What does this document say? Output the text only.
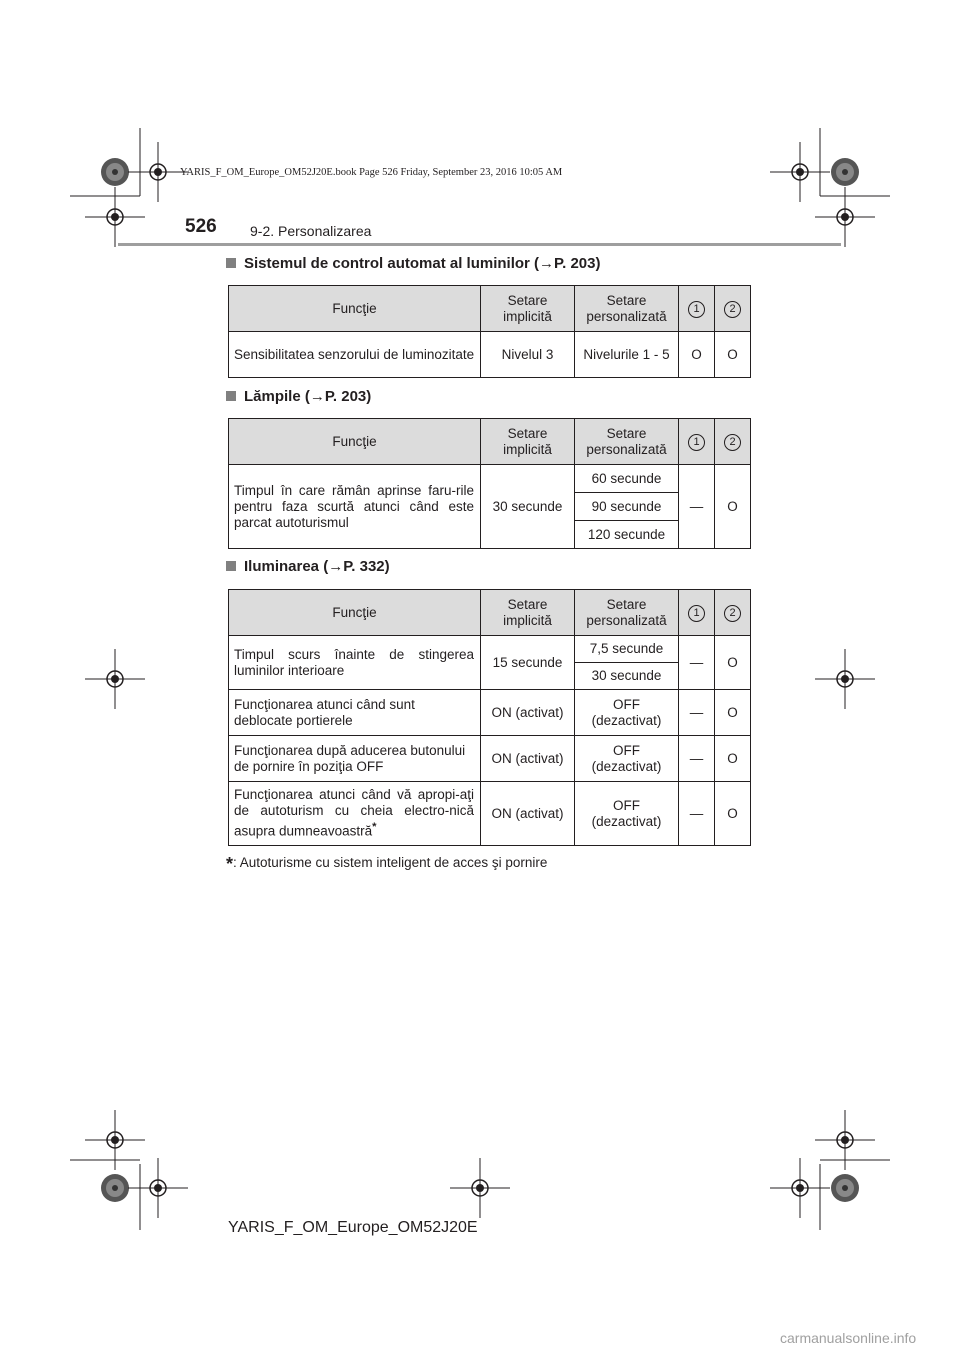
YARIS_F_OM_Europe_OM52J20E.book Page 526 Friday, September 23, 2016 10:05 AM
526 9-2. Personalizarea
Sistemul de control automat al luminilor (→P. 203)
Funcţie	Setare implicită	Setare personalizată	1	2
Sensibilitatea senzorului de luminozitate	Nivelul 3	Nivelurile 1 - 5	O	O
Lămpile (→P. 203)
Funcţie	Setare implicită	Setare personalizată	1	2
Timpul în care rămân aprinse faru-rile pentru faza scurtă atunci când este parcat autoturismul	30 secunde	60 secunde	—	O
		90 secunde		
		120 secunde		
Iluminarea (→P. 332)
Funcţie	Setare implicită	Setare personalizată	1	2
Timpul scurs înainte de stingerea luminilor interioare	15 secunde	7,5 secunde	—	O
		30 secunde		
Funcţionarea atunci când sunt deblocate portierele	ON (activat)	OFF (dezactivat)	—	O
Funcţionarea după aducerea butonului de pornire în poziţia OFF	ON (activat)	OFF (dezactivat)	—	O
Funcţionarea atunci când vă apropi-aţi de autoturism cu cheia electro-nică asupra dumneavoastră*	ON (activat)	OFF (dezactivat)	—	O
*: Autoturisme cu sistem inteligent de acces şi pornire
YARIS_F_OM_Europe_OM52J20E
carmanualsonline.info
